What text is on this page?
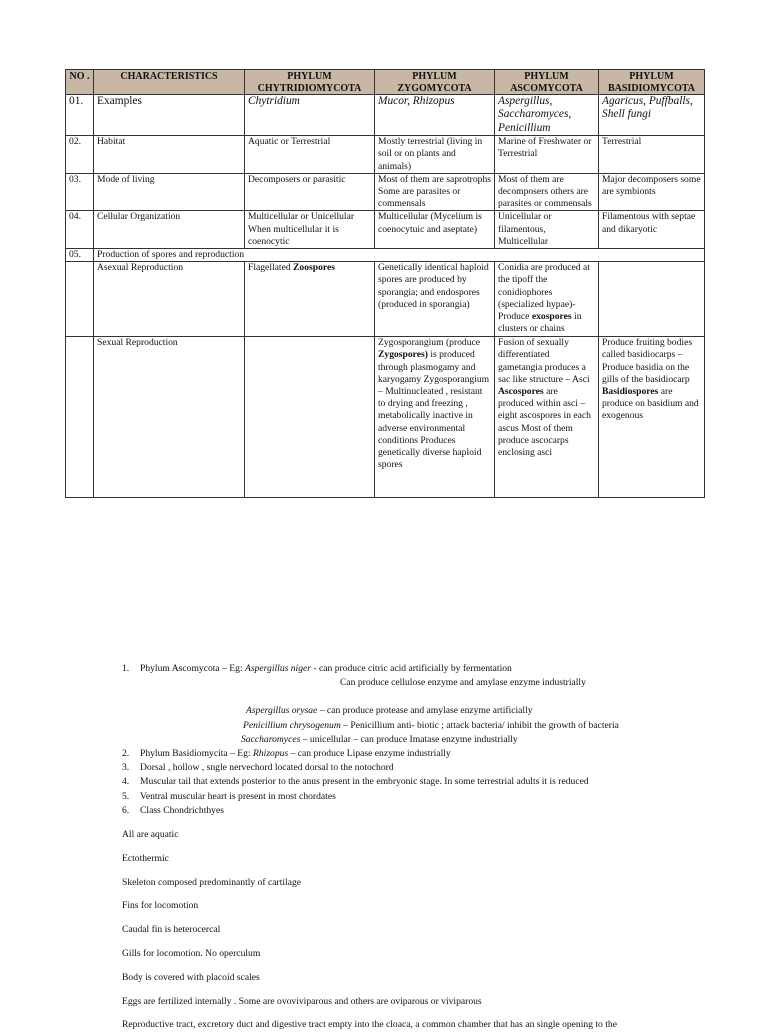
NO .	CHARACTERISTICS	PHYLUM CHYTRIDIOMYCOTA	PHYLUM ZYGOMYCOTA	PHYLUM ASCOMYCOTA	PHYLUM BASIDIOMYCOTA
01.	Examples	Chytridium	Mucor, Rhizopus	Aspergillus, Saccharomyces, Penicillium	Agaricus, Puffballs, Shell fungi
02.	Habitat	Aquatic or Terrestrial	Mostly terrestrial (living in soil or on plants and animals)	Marine of Freshwater or Terrestrial	Terrestrial
03.	Mode of living	Decomposers or parasitic	Most of them are saprotrophs Some are parasites or commensals	Most of them are decomposers others are parasites or commensals	Major decomposers some are symbionts
04.	Cellular Organization	Multicellular or Unicellular When multicellular it is coenocytic	Multicellular (Mycelium is coenocytuic and aseptate)	Unicellular or filamentous, Multicellular	Filamentous with septae and dikaryotic
05.	Production of spores and reproduction				
	Asexual Reproduction	Flagellated Zoospores	Genetically identical haploid spores are produced by sporangia; and endospores (produced in sporangia)	Conidia are produced at the tipoff the conidiophores (specialized hypae)- Produce exospores in clusters or chains	
	Sexual Reproduction		Zygosporangium (produce Zygospores) is produced through plasmogamy and karyogamy Zygosporangium – Multinucleated , resistant to drying and freezing , metabolically inactive in adverse environmental conditions Produces genetically diverse haploid spores	Fusion of sexually differentiated gametangia produces a sac like structure – Asci Ascospores are produced within asci – eight ascospores in each ascus Most of them produce ascocarps enclosing asci	Produce fruiting bodies called basidiocarps – Produce basidia on the gills of the basidiocarp Basidiospores are produce on basidium and exogenous
1. Phylum Ascomycota – Eg: Aspergillus niger - can produce citric acid artificially by fermentation
Can produce cellulose enzyme and amylase enzyme industrially
Aspergillus orysae – can produce protease and amylase enzyme artificially
Penicillium chrysogenum – Penicillium anti- biotic ; attack bacteria/ inhibit the growth of bacteria
Saccharomyces – unicellular – can produce Imatase enzyme industrially
2. Phylum Basidiomycita – Eg: Rhizopus – can produce Lipase enzyme industrially
3. Dorsal , hollow , sngle nervechord located dorsal to the notochord
4. Muscular tail that extends posterior to the anus present in the embryonic stage. In some terrestrial adults it is reduced
5. Ventral muscular heart is present in most chordates
6. Class Chondrichthyes

All are aquatic

Ectothermic

Skeleton composed predominantly of cartilage

Fins for locomotion

Caudal fin is heterocercal

Gills for locomotion. No operculum

Body is covered with placoid scales

Eggs are fertilized internally . Some are ovoviviparous and others are oviparous or viviparous

Reproductive tract, excretory duct and digestive tract empty into the cloaca, a common chamber that has an single opening to the
